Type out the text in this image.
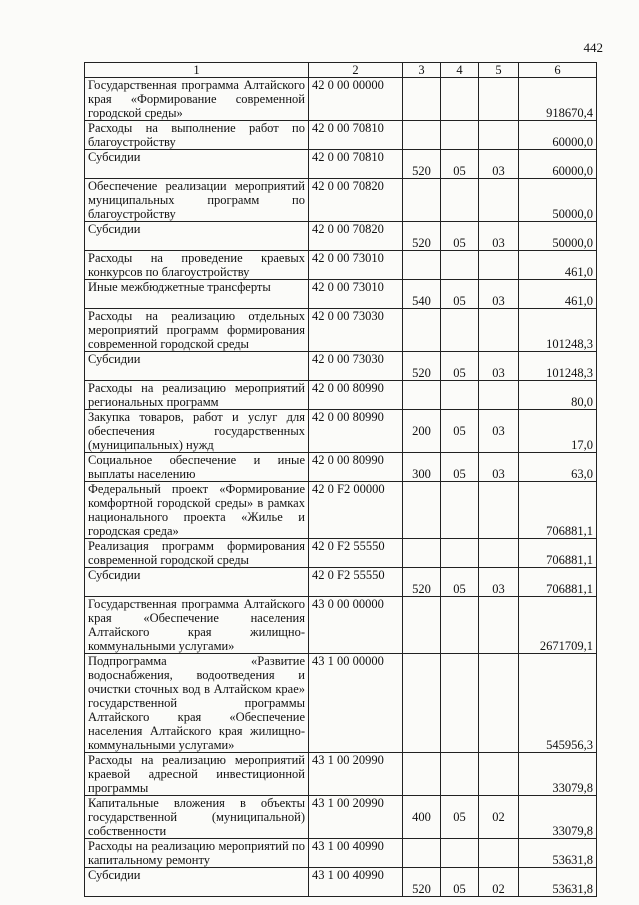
442
1	2	3	4	5	6
Государственная программа Алтайского края «Формирование современной городской среды»	42 0 00 00000				918670,4
Расходы на выполнение работ по благоустройству	42 0 00 70810				60000,0
Субсидии	42 0 00 70810	520	05	03	60000,0
Обеспечение реализации мероприятий муниципальных программ по благоустройству	42 0 00 70820				50000,0
Субсидии	42 0 00 70820	520	05	03	50000,0
Расходы на проведение краевых конкурсов по благоустройству	42 0 00 73010				461,0
Иные межбюджетные трансферты	42 0 00 73010	540	05	03	461,0
Расходы на реализацию отдельных мероприятий программ формирования современной городской среды	42 0 00 73030				101248,3
Субсидии	42 0 00 73030	520	05	03	101248,3
Расходы на реализацию мероприятий региональных программ	42 0 00 80990				80,0
Закупка товаров, работ и услуг для обеспечения государственных (муниципальных) нужд	42 0 00 80990	200	05	03	17,0
Социальное обеспечение и иные выплаты населению	42 0 00 80990	300	05	03	63,0
Федеральный проект «Формирование комфортной городской среды» в рамках национального проекта «Жилье и городская среда»	42 0 F2 00000				706881,1
Реализация программ формирования современной городской среды	42 0 F2 55550				706881,1
Субсидии	42 0 F2 55550	520	05	03	706881,1
Государственная программа Алтайского края «Обеспечение населения Алтайского края жилищно-коммунальными услугами»	43 0 00 00000				2671709,1
Подпрограмма «Развитие водоснабжения, водоотведения и очистки сточных вод в Алтайском крае» государственной программы Алтайского края «Обеспечение населения Алтайского края жилищно-коммунальными услугами»	43 1 00 00000				545956,3
Расходы на реализацию мероприятий краевой адресной инвестиционной программы	43 1 00 20990				33079,8
Капитальные вложения в объекты государственной (муниципальной) собственности	43 1 00 20990	400	05	02	33079,8
Расходы на реализацию мероприятий по капитальному ремонту	43 1 00 40990				53631,8
Субсидии	43 1 00 40990	520	05	02	53631,8
